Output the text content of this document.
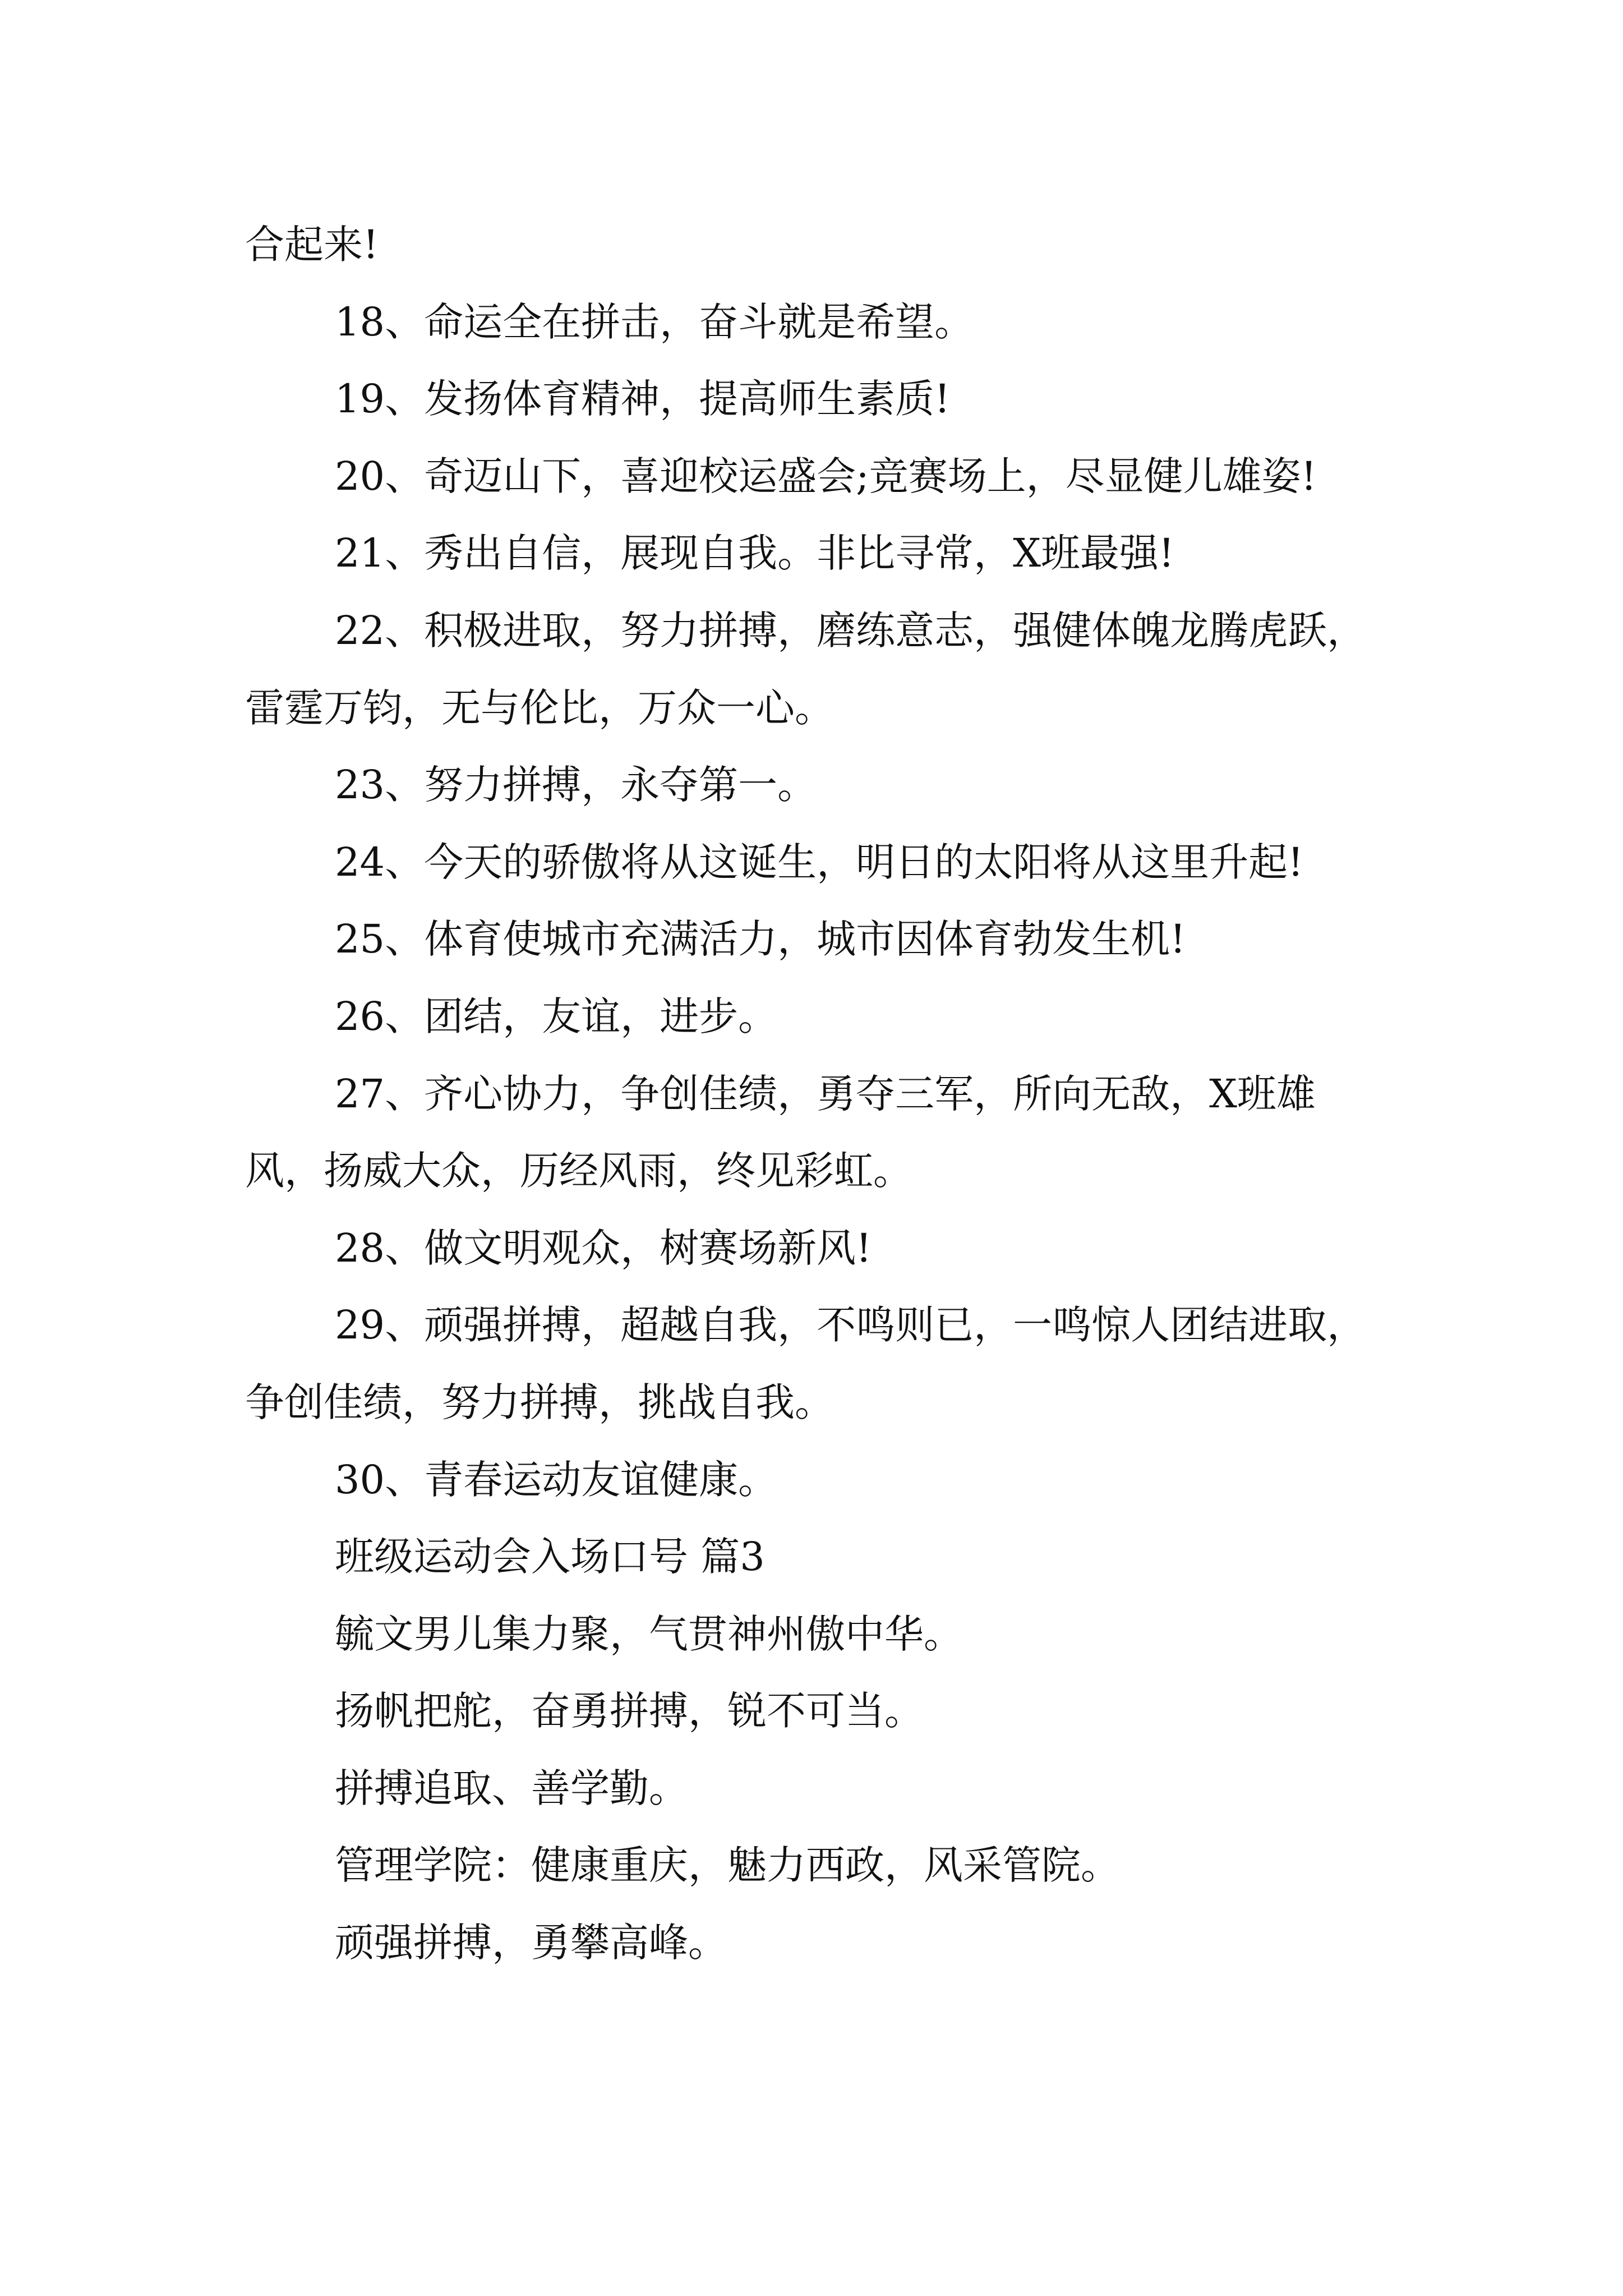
合起来!

18、命运全在拼击，奋斗就是希望。

19、发扬体育精神，提高师生素质!

20、奇迈山下，喜迎校运盛会;竞赛场上，尽显健儿雄姿!

21、秀出自信，展现自我。非比寻常，X班最强!

22、积极进取，努力拼搏，磨练意志，强健体魄龙腾虎跃，雷霆万钧，无与伦比，万众一心。

23、努力拼搏，永夺第一。

24、今天的骄傲将从这诞生，明日的太阳将从这里升起!

25、体育使城市充满活力，城市因体育勃发生机!

26、团结，友谊，进步。

27、齐心协力，争创佳绩，勇夺三军，所向无敌，X班雄风，扬威大众，历经风雨，终见彩虹。

28、做文明观众，树赛场新风!

29、顽强拼搏，超越自我，不鸣则已，一鸣惊人团结进取，争创佳绩，努力拼搏，挑战自我。

30、青春运动友谊健康。

班级运动会入场口号 篇3

毓文男儿集力聚，气贯神州傲中华。

扬帆把舵，奋勇拼搏，锐不可当。

拼搏追取、善学勤。

管理学院：健康重庆，魅力西政，风采管院。

顽强拼搏，勇攀高峰。
